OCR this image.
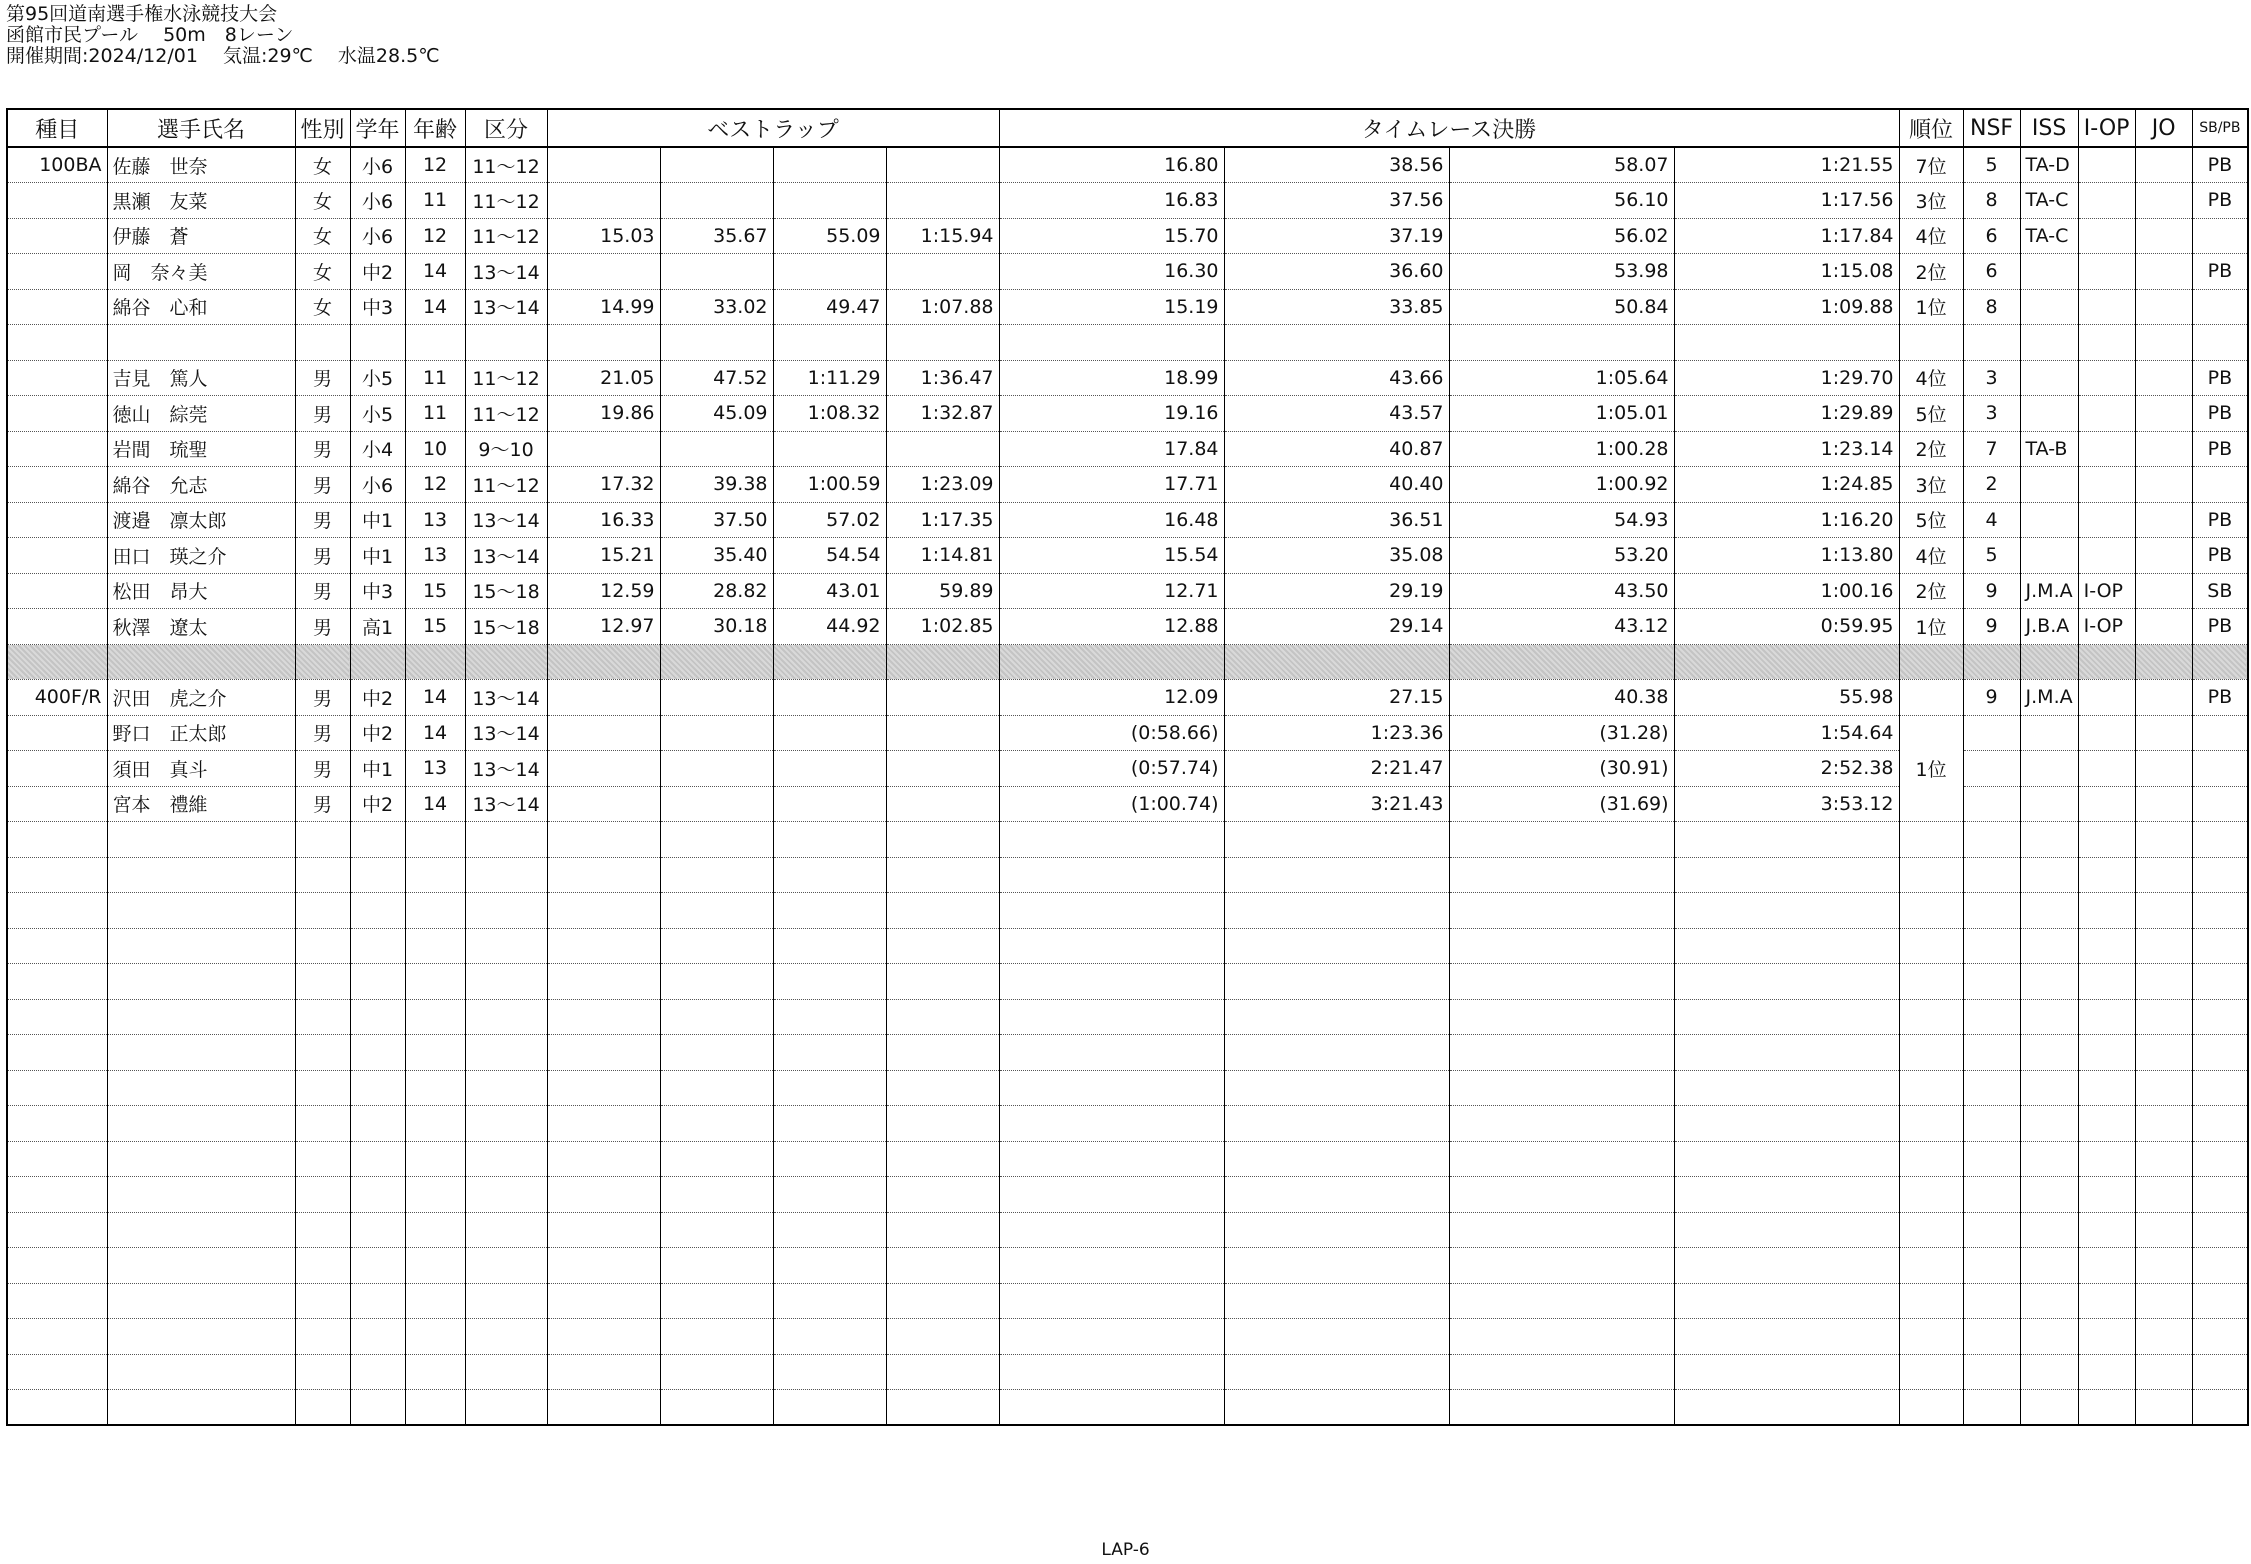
第95回道南選手権水泳競技大会
函館市民プール　 50m　8レーン
開催期間:2024/12/01　 気温:29℃　 水温28.5℃
種目	選手氏名	性別	学年	年齢	区分	ベストラップ				タイムレース決勝				順位	NSF	ISS	I-OP	JO	SB/PB
100BA	佐藤　世奈	女	小6	12	11～12					16.80	38.56	58.07	1:21.55	7位	5	TA-D			PB
	黒瀬　友菜	女	小6	11	11～12					16.83	37.56	56.10	1:17.56	3位	8	TA-C			PB
	伊藤　蒼	女	小6	12	11～12	15.03	35.67	55.09	1:15.94	15.70	37.19	56.02	1:17.84	4位	6	TA-C			
	岡　奈々美	女	中2	14	13～14					16.30	36.60	53.98	1:15.08	2位	6				PB
	綿谷　心和	女	中3	14	13～14	14.99	33.02	49.47	1:07.88	15.19	33.85	50.84	1:09.88	1位	8				

	吉見　篤人	男	小5	11	11～12	21.05	47.52	1:11.29	1:36.47	18.99	43.66	1:05.64	1:29.70	4位	3				PB
	徳山　綜莞	男	小5	11	11～12	19.86	45.09	1:08.32	1:32.87	19.16	43.57	1:05.01	1:29.89	5位	3				PB
	岩間　琉聖	男	小4	10	9～10					17.84	40.87	1:00.28	1:23.14	2位	7	TA-B			PB
	綿谷　允志	男	小6	12	11～12	17.32	39.38	1:00.59	1:23.09	17.71	40.40	1:00.92	1:24.85	3位	2				
	渡邉　凛太郎	男	中1	13	13～14	16.33	37.50	57.02	1:17.35	16.48	36.51	54.93	1:16.20	5位	4				PB
	田口　瑛之介	男	中1	13	13～14	15.21	35.40	54.54	1:14.81	15.54	35.08	53.20	1:13.80	4位	5				PB
	松田　昂大	男	中3	15	15～18	12.59	28.82	43.01	59.89	12.71	29.19	43.50	1:00.16	2位	9	J.M.A	I-OP		SB
	秋澤　遼太	男	高1	15	15～18	12.97	30.18	44.92	1:02.85	12.88	29.14	43.12	0:59.95	1位	9	J.B.A	I-OP		PB

400F/R	沢田　虎之介	男	中2	14	13～14					12.09	27.15	40.38	55.98		9	J.M.A			PB
	野口　正太郎	男	中2	14	13～14					(0:58.66)	1:23.36	(31.28)	1:54.64	1位					
	須田　真斗	男	中1	13	13～14					(0:57.74)	2:21.47	(30.91)	2:52.38						
	宮本　禮維	男	中2	14	13～14					(1:00.74)	3:21.43	(31.69)	3:53.12						

LAP-6
